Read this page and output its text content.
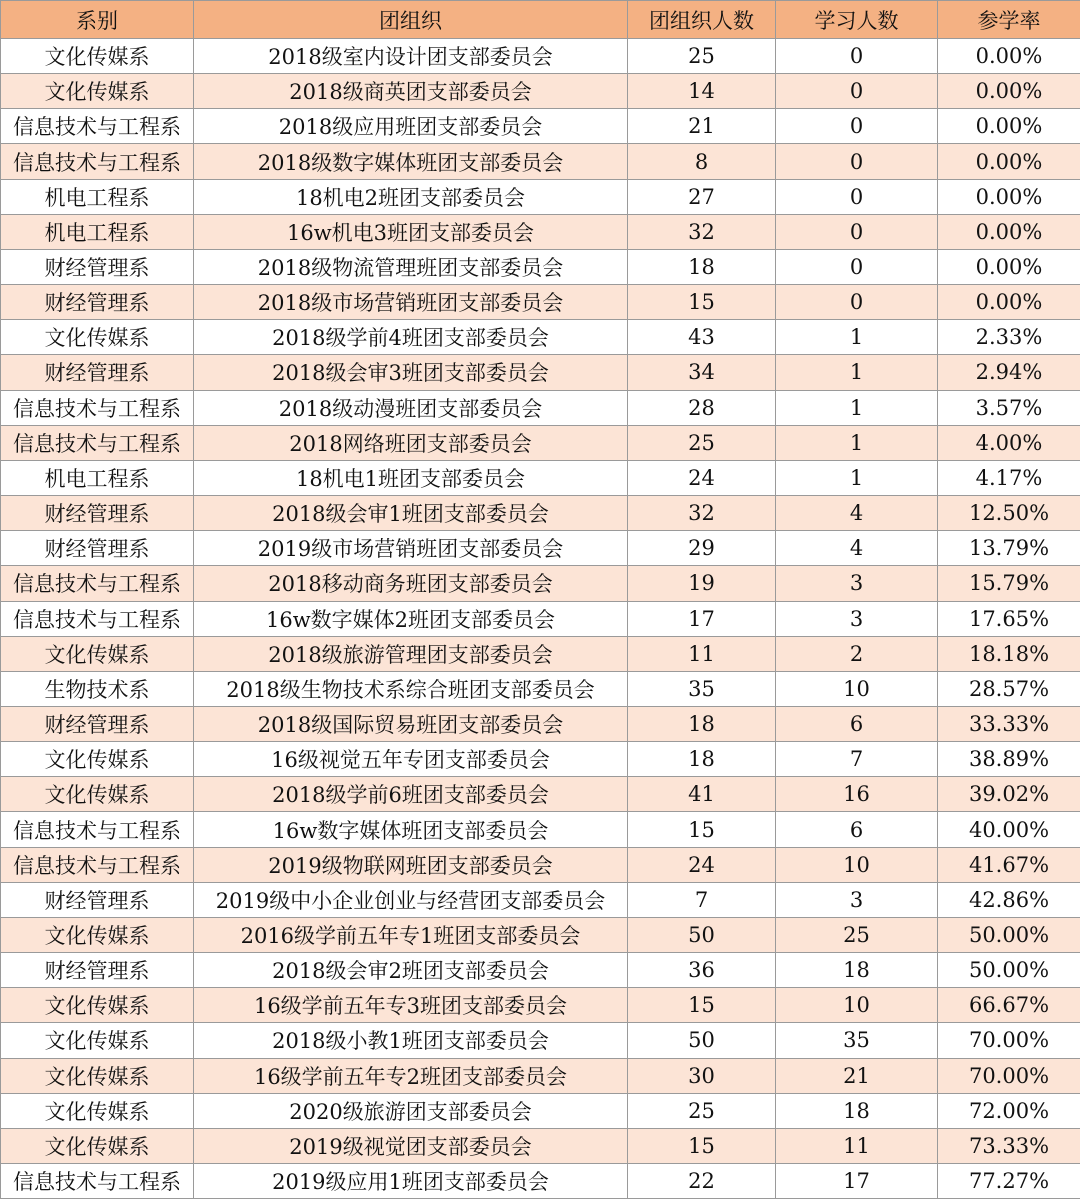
系别	团组织	团组织人数	学习人数	参学率
文化传媒系	2018级室内设计团支部委员会	25	0	0.00%
文化传媒系	2018级商英团支部委员会	14	0	0.00%
信息技术与工程系	2018级应用班团支部委员会	21	0	0.00%
信息技术与工程系	2018级数字媒体班团支部委员会	8	0	0.00%
机电工程系	18机电2班团支部委员会	27	0	0.00%
机电工程系	16w机电3班团支部委员会	32	0	0.00%
财经管理系	2018级物流管理班团支部委员会	18	0	0.00%
财经管理系	2018级市场营销班团支部委员会	15	0	0.00%
文化传媒系	2018级学前4班团支部委员会	43	1	2.33%
财经管理系	2018级会审3班团支部委员会	34	1	2.94%
信息技术与工程系	2018级动漫班团支部委员会	28	1	3.57%
信息技术与工程系	2018网络班团支部委员会	25	1	4.00%
机电工程系	18机电1班团支部委员会	24	1	4.17%
财经管理系	2018级会审1班团支部委员会	32	4	12.50%
财经管理系	2019级市场营销班团支部委员会	29	4	13.79%
信息技术与工程系	2018移动商务班团支部委员会	19	3	15.79%
信息技术与工程系	16w数字媒体2班团支部委员会	17	3	17.65%
文化传媒系	2018级旅游管理团支部委员会	11	2	18.18%
生物技术系	2018级生物技术系综合班团支部委员会	35	10	28.57%
财经管理系	2018级国际贸易班团支部委员会	18	6	33.33%
文化传媒系	16级视觉五年专团支部委员会	18	7	38.89%
文化传媒系	2018级学前6班团支部委员会	41	16	39.02%
信息技术与工程系	16w数字媒体班团支部委员会	15	6	40.00%
信息技术与工程系	2019级物联网班团支部委员会	24	10	41.67%
财经管理系	2019级中小企业创业与经营团支部委员会	7	3	42.86%
文化传媒系	2016级学前五年专1班团支部委员会	50	25	50.00%
财经管理系	2018级会审2班团支部委员会	36	18	50.00%
文化传媒系	16级学前五年专3班团支部委员会	15	10	66.67%
文化传媒系	2018级小教1班团支部委员会	50	35	70.00%
文化传媒系	16级学前五年专2班团支部委员会	30	21	70.00%
文化传媒系	2020级旅游团支部委员会	25	18	72.00%
文化传媒系	2019级视觉团支部委员会	15	11	73.33%
信息技术与工程系	2019级应用1班团支部委员会	22	17	77.27%
